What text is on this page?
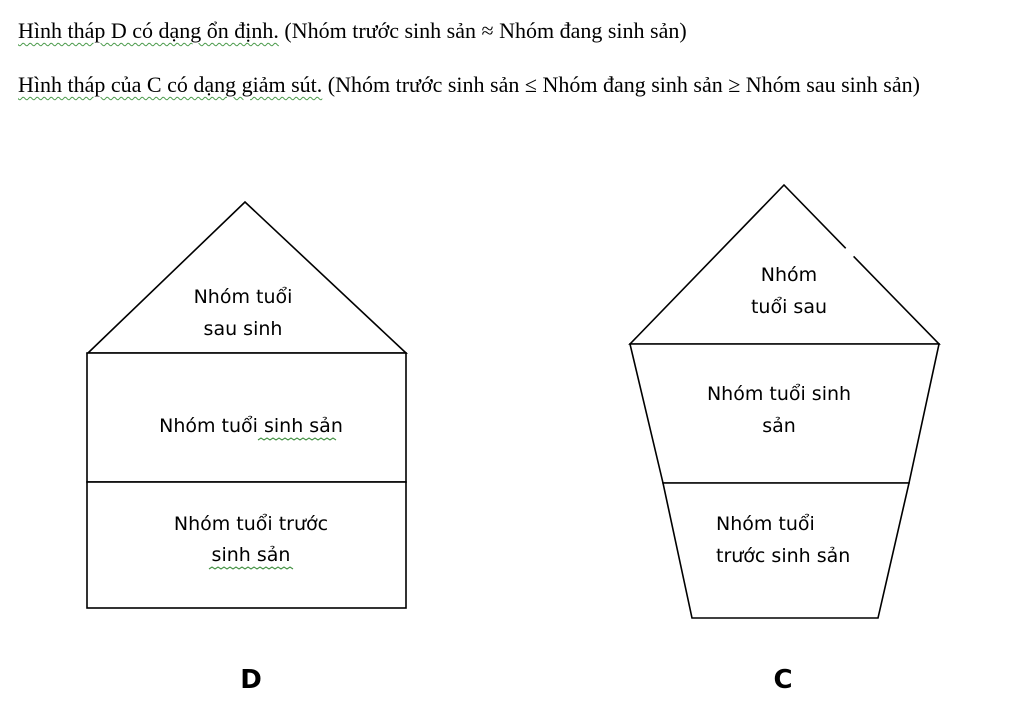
Hình tháp D có dạng ổn định. (Nhóm trước sinh sản ≈ Nhóm đang sinh sản)

Hình tháp của C có dạng giảm sút. (Nhóm trước sinh sản ≤ Nhóm đang sinh sản ≥ Nhóm sau sinh sản)

Nhóm tuổi
sau sinh
Nhóm tuổi sinh sản
Nhóm tuổi trước
sinh sản
D
Nhóm
tuổi sau
Nhóm tuổi sinh
sản
Nhóm tuổi
trước sinh sản
C
